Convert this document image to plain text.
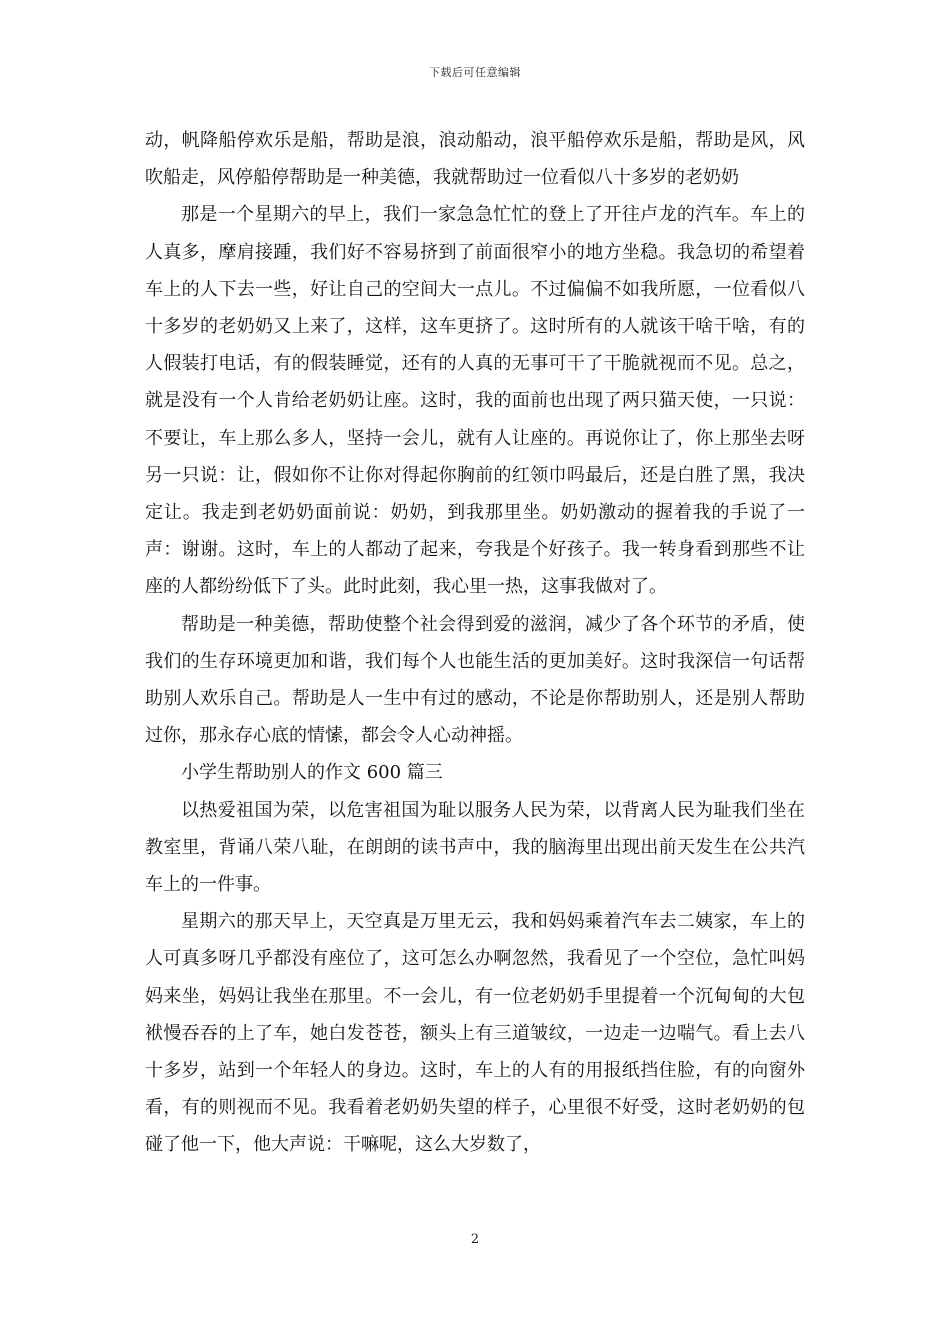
下载后可任意编辑

动，帆降船停欢乐是船，帮助是浪，浪动船动，浪平船停欢乐是船，帮助是风，风吹船走，风停船停帮助是一种美德，我就帮助过一位看似八十多岁的老奶奶

那是一个星期六的早上，我们一家急急忙忙的登上了开往卢龙的汽车。车上的人真多，摩肩接踵，我们好不容易挤到了前面很窄小的地方坐稳。我急切的希望着车上的人下去一些，好让自己的空间大一点儿。不过偏偏不如我所愿，一位看似八十多岁的老奶奶又上来了，这样，这车更挤了。这时所有的人就该干啥干啥，有的人假装打电话，有的假装睡觉，还有的人真的无事可干了干脆就视而不见。总之，就是没有一个人肯给老奶奶让座。这时，我的面前也出现了两只猫天使，一只说：不要让，车上那么多人，坚持一会儿，就有人让座的。再说你让了，你上那坐去呀另一只说：让，假如你不让你对得起你胸前的红领巾吗最后，还是白胜了黑，我决定让。我走到老奶奶面前说：奶奶，到我那里坐。奶奶激动的握着我的手说了一声：谢谢。这时，车上的人都动了起来，夸我是个好孩子。我一转身看到那些不让座的人都纷纷低下了头。此时此刻，我心里一热，这事我做对了。

帮助是一种美德，帮助使整个社会得到爱的滋润，减少了各个环节的矛盾，使我们的生存环境更加和谐，我们每个人也能生活的更加美好。这时我深信一句话帮助别人欢乐自己。帮助是人一生中有过的感动，不论是你帮助别人，还是别人帮助过你，那永存心底的情愫，都会令人心动神摇。

小学生帮助别人的作文 600 篇三

以热爱祖国为荣，以危害祖国为耻以服务人民为荣，以背离人民为耻我们坐在教室里，背诵八荣八耻，在朗朗的读书声中，我的脑海里出现出前天发生在公共汽车上的一件事。

星期六的那天早上，天空真是万里无云，我和妈妈乘着汽车去二姨家，车上的人可真多呀几乎都没有座位了，这可怎么办啊忽然，我看见了一个空位，急忙叫妈妈来坐，妈妈让我坐在那里。不一会儿，有一位老奶奶手里提着一个沉甸甸的大包袱慢吞吞的上了车，她白发苍苍，额头上有三道皱纹，一边走一边喘气。看上去八十多岁，站到一个年轻人的身边。这时，车上的人有的用报纸挡住脸，有的向窗外看，有的则视而不见。我看着老奶奶失望的样子，心里很不好受，这时老奶奶的包碰了他一下，他大声说：干嘛呢，这么大岁数了，

2
